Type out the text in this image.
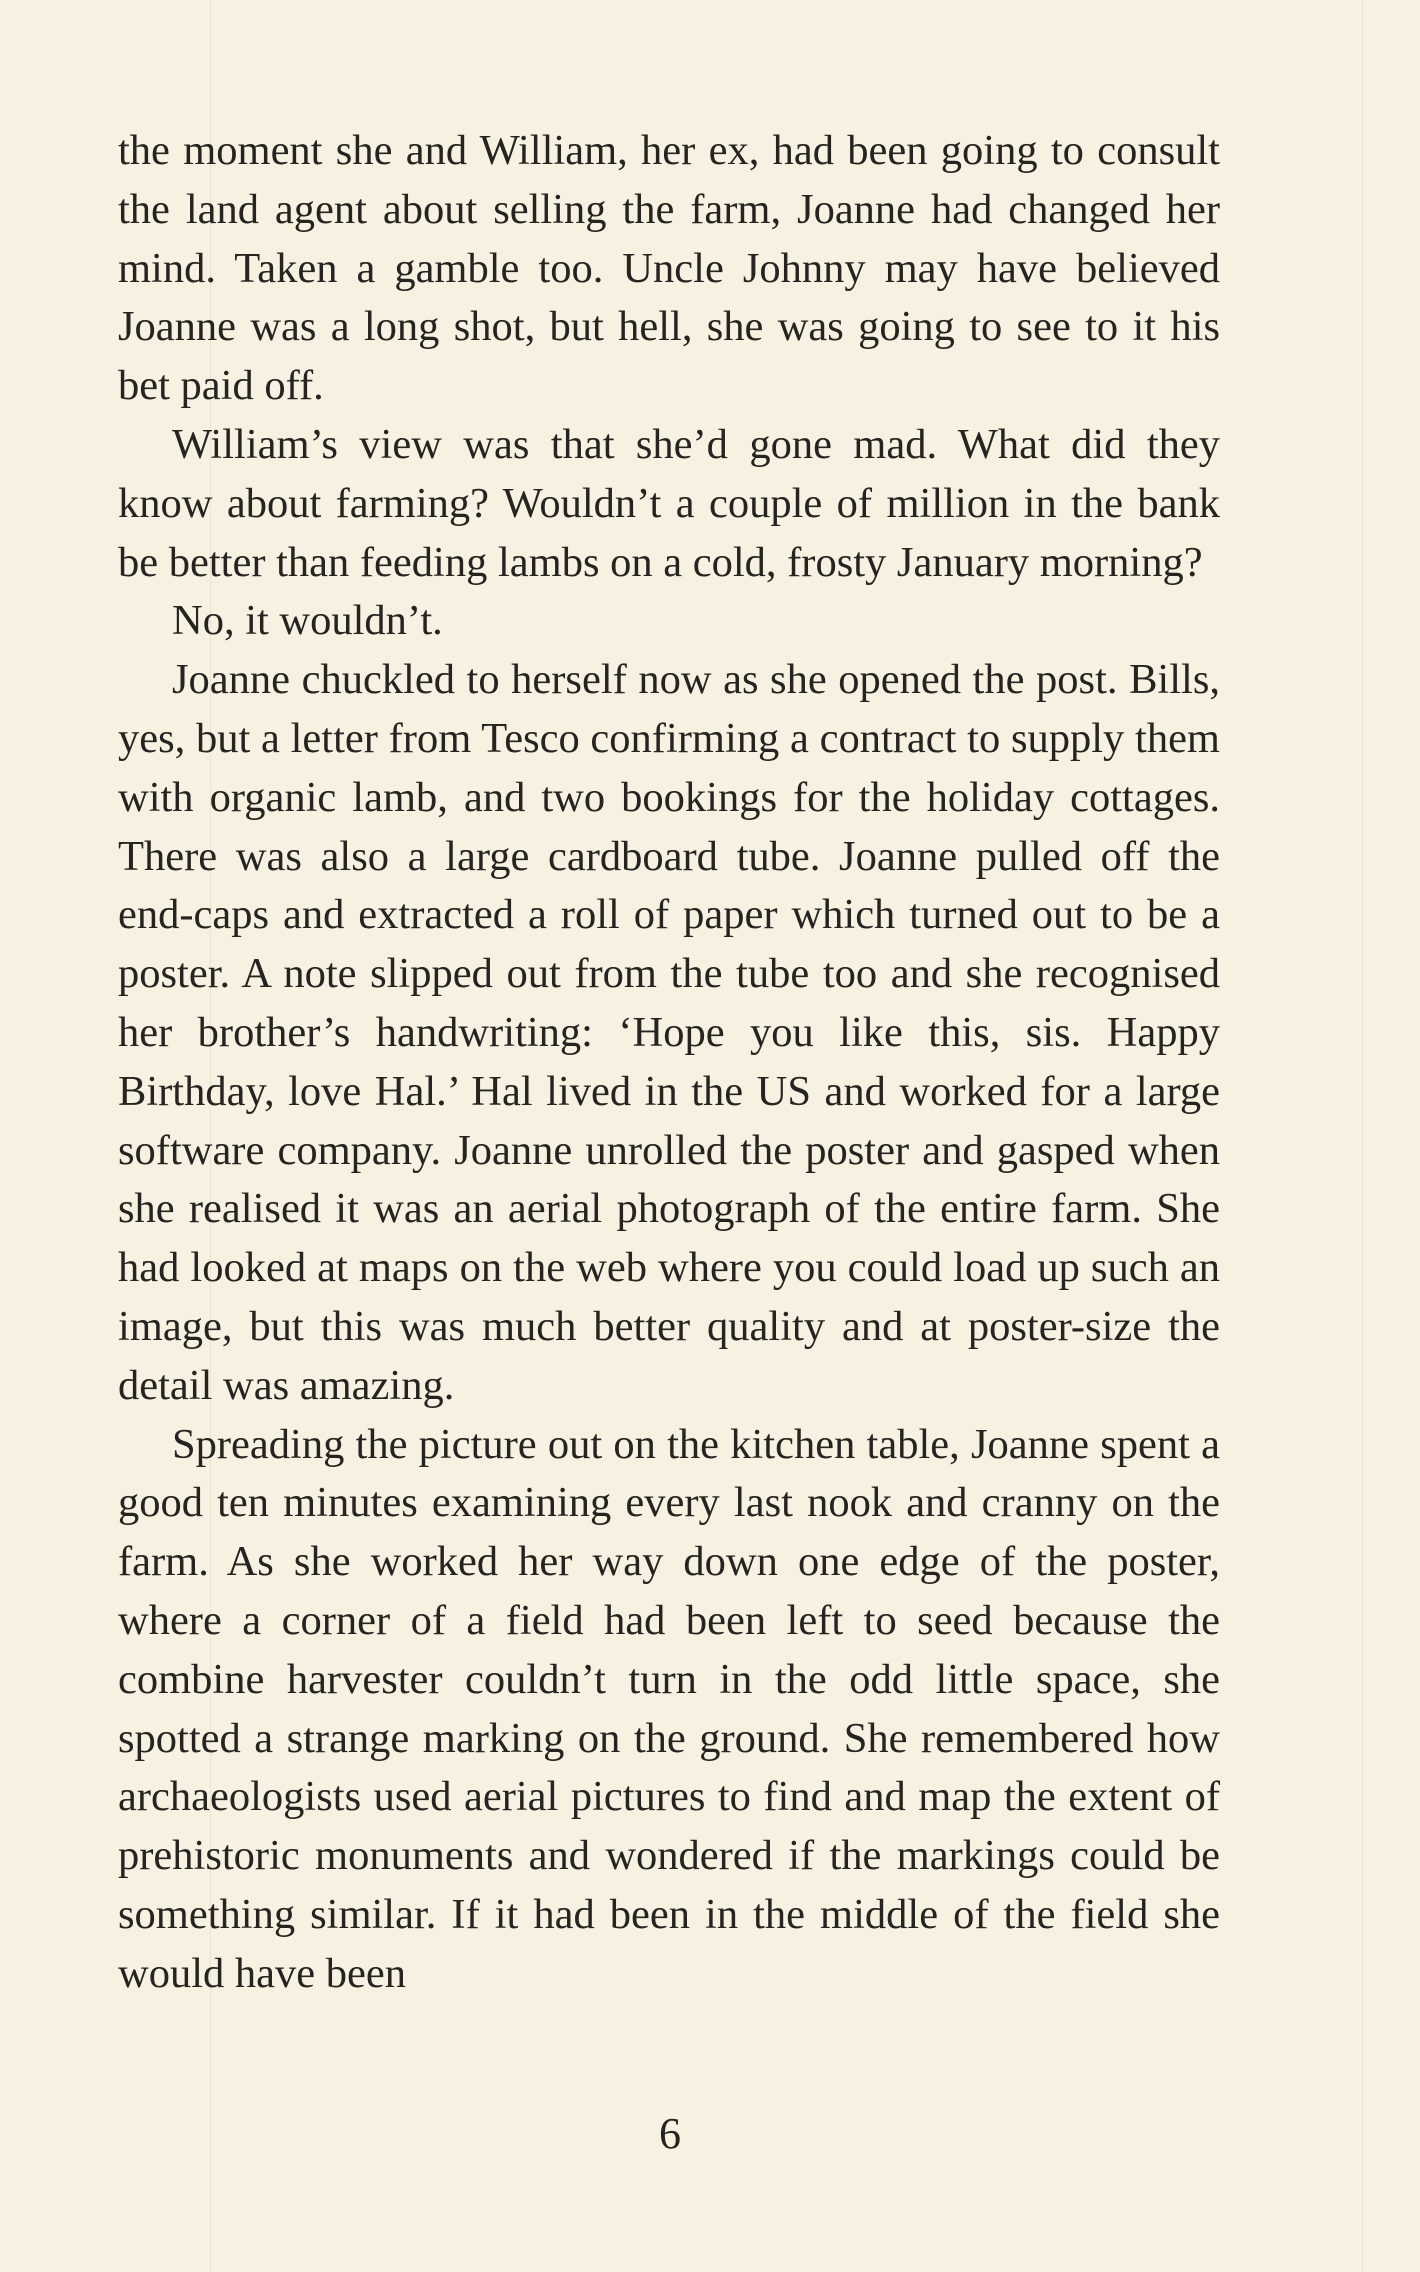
the moment she and William, her ex, had been going to consult the land agent about selling the farm, Joanne had changed her mind. Taken a gamble too. Uncle Johnny may have believed Joanne was a long shot, but hell, she was going to see to it his bet paid off.

William’s view was that she’d gone mad. What did they know about farming? Wouldn’t a couple of million in the bank be better than feeding lambs on a cold, frosty January morning?

No, it wouldn’t.

Joanne chuckled to herself now as she opened the post. Bills, yes, but a letter from Tesco confirming a contract to supply them with organic lamb, and two bookings for the holiday cottages. There was also a large cardboard tube. Joanne pulled off the end-caps and extracted a roll of paper which turned out to be a poster. A note slipped out from the tube too and she recognised her brother’s handwriting: ‘Hope you like this, sis. Happy Birthday, love Hal.’ Hal lived in the US and worked for a large software company. Joanne unrolled the poster and gasped when she realised it was an aerial photograph of the entire farm. She had looked at maps on the web where you could load up such an image, but this was much better quality and at poster-size the detail was amazing.

Spreading the picture out on the kitchen table, Joanne spent a good ten minutes examining every last nook and cranny on the farm. As she worked her way down one edge of the poster, where a corner of a field had been left to seed because the combine harvester couldn’t turn in the odd little space, she spotted a strange marking on the ground. She remembered how archaeologists used aerial pictures to find and map the extent of prehistoric monuments and wondered if the markings could be something similar. If it had been in the middle of the field she would have been

6
